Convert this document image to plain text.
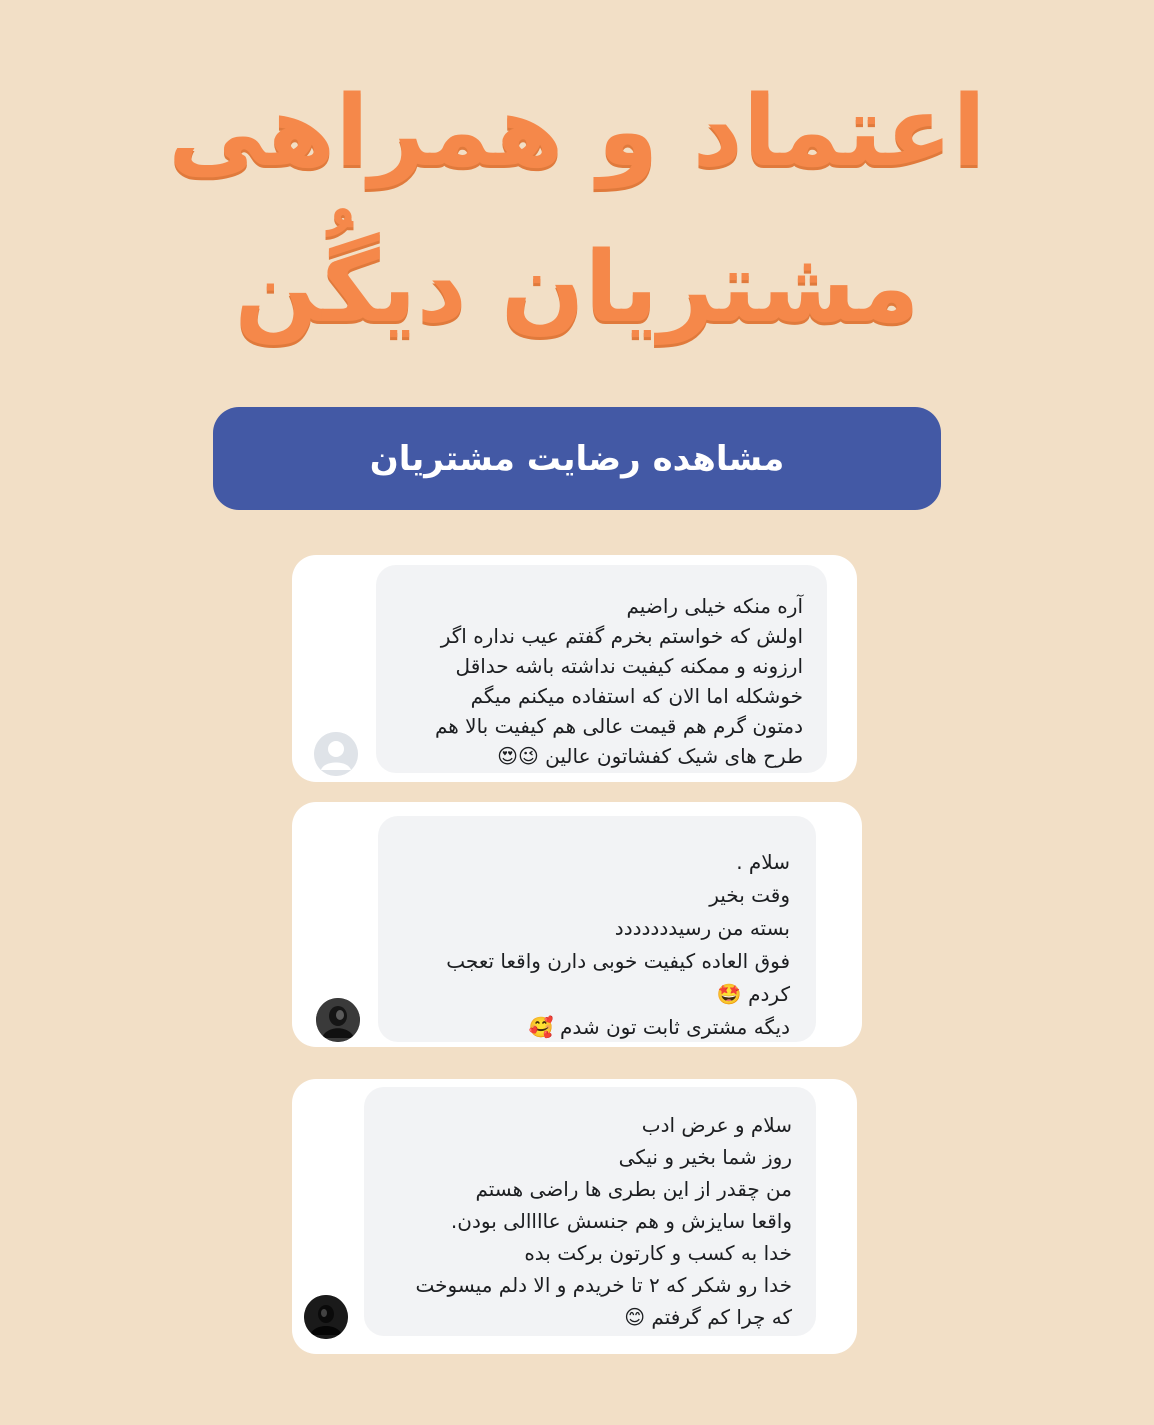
اعتماد و همراهی
مشتریان دیگُن
مشاهده رضایت مشتریان
آره منکه خیلی راضیم
اولش که خواستم بخرم گفتم عیب نداره اگر
ارزونه و ممکنه کیفیت نداشته باشه حداقل
خوشکله اما الان که استفاده میکنم میگم
دمتون گرم هم قیمت عالی هم کیفیت بالا هم
طرح های شیک کفشاتون عالین 😉😍
سلام .
وقت بخیر
بسته من رسیددددددد
فوق العاده کیفیت خوبی دارن واقعا تعجب
کردم 🤩
دیگه مشتری ثابت تون شدم 🥰
سلام و عرض ادب
روز شما بخیر و نیکی
من چقدر از این بطری ها راضی هستم
واقعا سایزش و هم جنسش عاااالی بودن.
خدا به کسب و کارتون برکت بده
خدا رو شکر که ۲ تا خریدم و الا دلم میسوخت
که چرا کم گرفتم 😊
